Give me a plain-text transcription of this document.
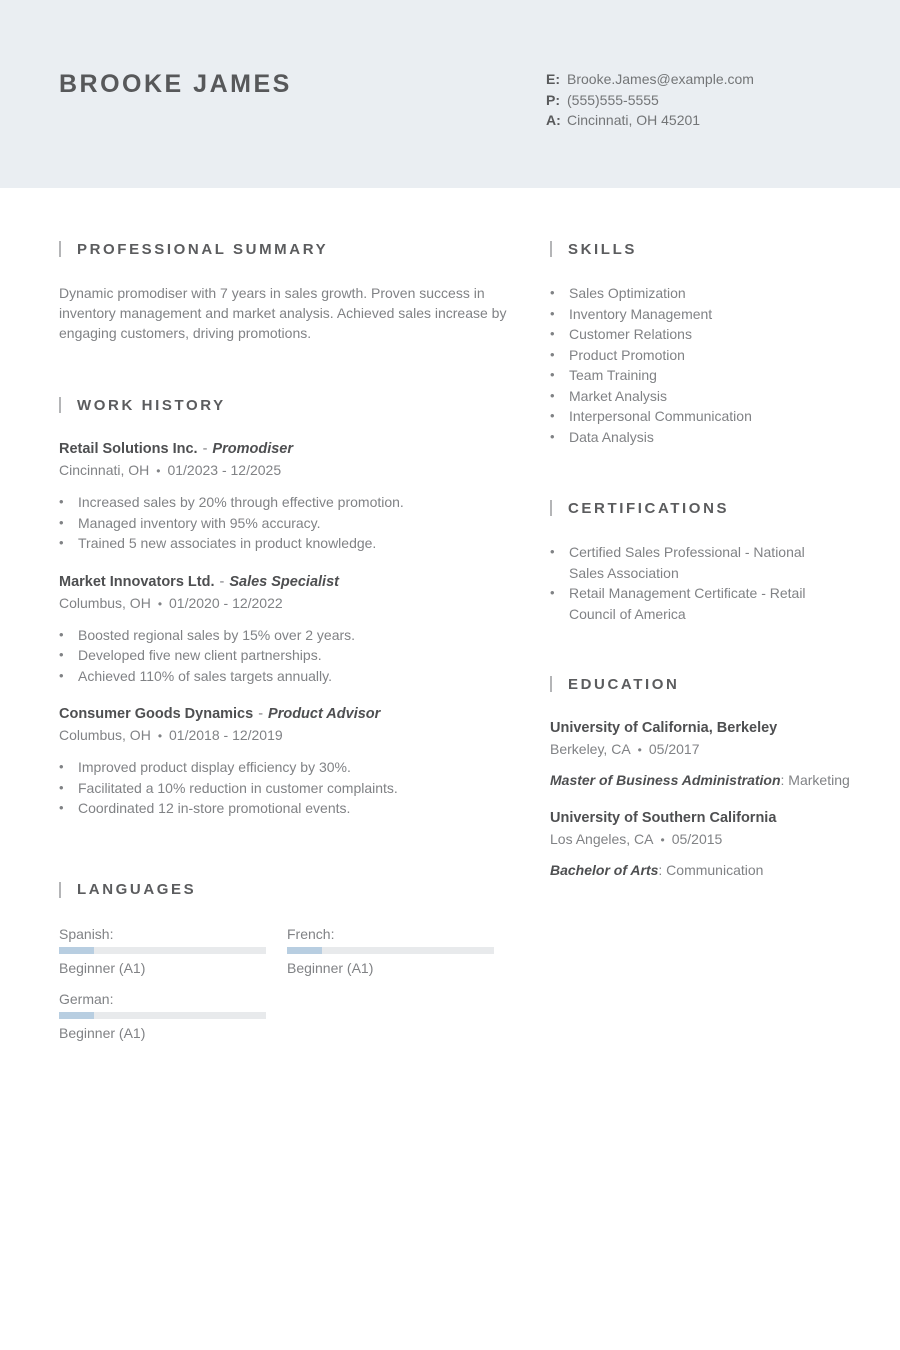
BROOKE JAMES	E: Brooke.James@example.com
P: (555)555-5555
A: Cincinnati, OH 45201
PROFESSIONAL SUMMARY

Dynamic promodiser with 7 years in sales growth. Proven success in inventory management and market analysis. Achieved sales increase by engaging customers, driving promotions.

WORK HISTORY
Retail Solutions Inc. - Promodiser
Cincinnati, OH • 01/2023 - 12/2025
•	Increased sales by 20% through effective promotion.
•	Managed inventory with 95% accuracy.
•	Trained 5 new associates in product knowledge.
Market Innovators Ltd. - Sales Specialist
Columbus, OH • 01/2020 - 12/2022
•	Boosted regional sales by 15% over 2 years.
•	Developed five new client partnerships.
•	Achieved 110% of sales targets annually.
Consumer Goods Dynamics - Product Advisor
Columbus, OH • 01/2018 - 12/2019
•	Improved product display efficiency by 30%.
•	Facilitated a 10% reduction in customer complaints.
•	Coordinated 12 in-store promotional events.
LANGUAGES
Spanish:
Beginner (A1)
French:
Beginner (A1)
German:
Beginner (A1)
SKILLS
•	Sales Optimization
•	Inventory Management
•	Customer Relations
•	Product Promotion
•	Team Training
•	Market Analysis
•	Interpersonal Communication
•	Data Analysis
CERTIFICATIONS
•	Certified Sales Professional - National Sales Association
•	Retail Management Certificate - Retail Council of America
EDUCATION
University of California, Berkeley
Berkeley, CA • 05/2017
Master of Business Administration: Marketing
University of Southern California
Los Angeles, CA • 05/2015
Bachelor of Arts: Communication
